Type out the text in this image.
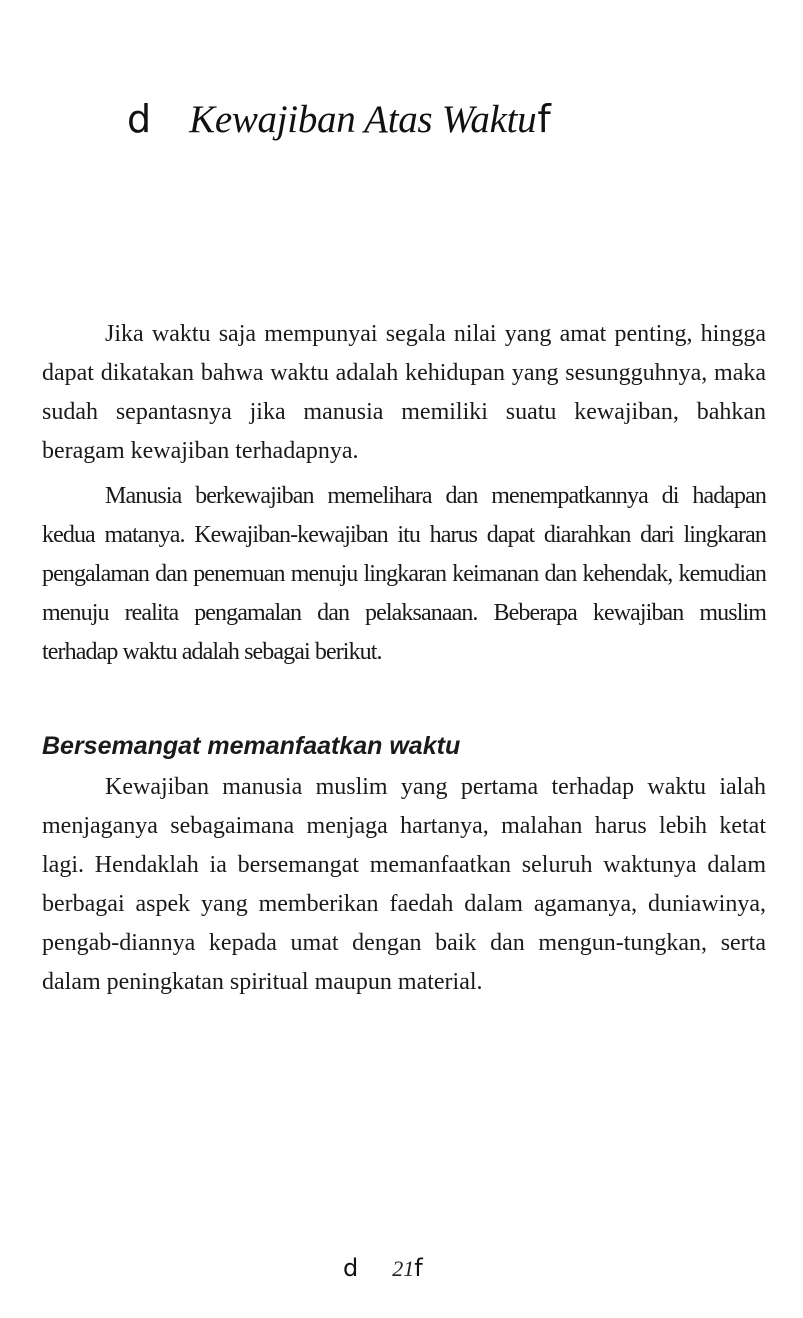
d Kewajiban Atas Waktu f

Jika waktu saja mempunyai segala nilai yang amat penting, hingga dapat dikatakan bahwa waktu adalah kehidupan yang sesungguhnya, maka sudah sepantasnya jika manusia memiliki suatu kewajiban, bahkan beragam kewajiban terhadapnya.

Manusia berkewajiban memelihara dan menempatkannya di hadapan kedua matanya. Kewajiban-kewajiban itu harus dapat diarahkan dari lingkaran pengalaman dan penemuan menuju lingkaran keimanan dan kehendak, kemudian menuju realita pengamalan dan pelaksanaan. Beberapa kewajiban muslim terhadap waktu adalah sebagai berikut.

Bersemangat memanfaatkan waktu

Kewajiban manusia muslim yang pertama terhadap waktu ialah menjaganya sebagaimana menjaga hartanya, malahan harus lebih ketat lagi. Hendaklah ia bersemangat memanfaatkan seluruh waktunya dalam berbagai aspek yang memberikan faedah dalam agamanya, duniawinya, pengab-diannya kepada umat dengan baik dan mengun-tungkan, serta dalam peningkatan spiritual maupun material.

d 21 f
